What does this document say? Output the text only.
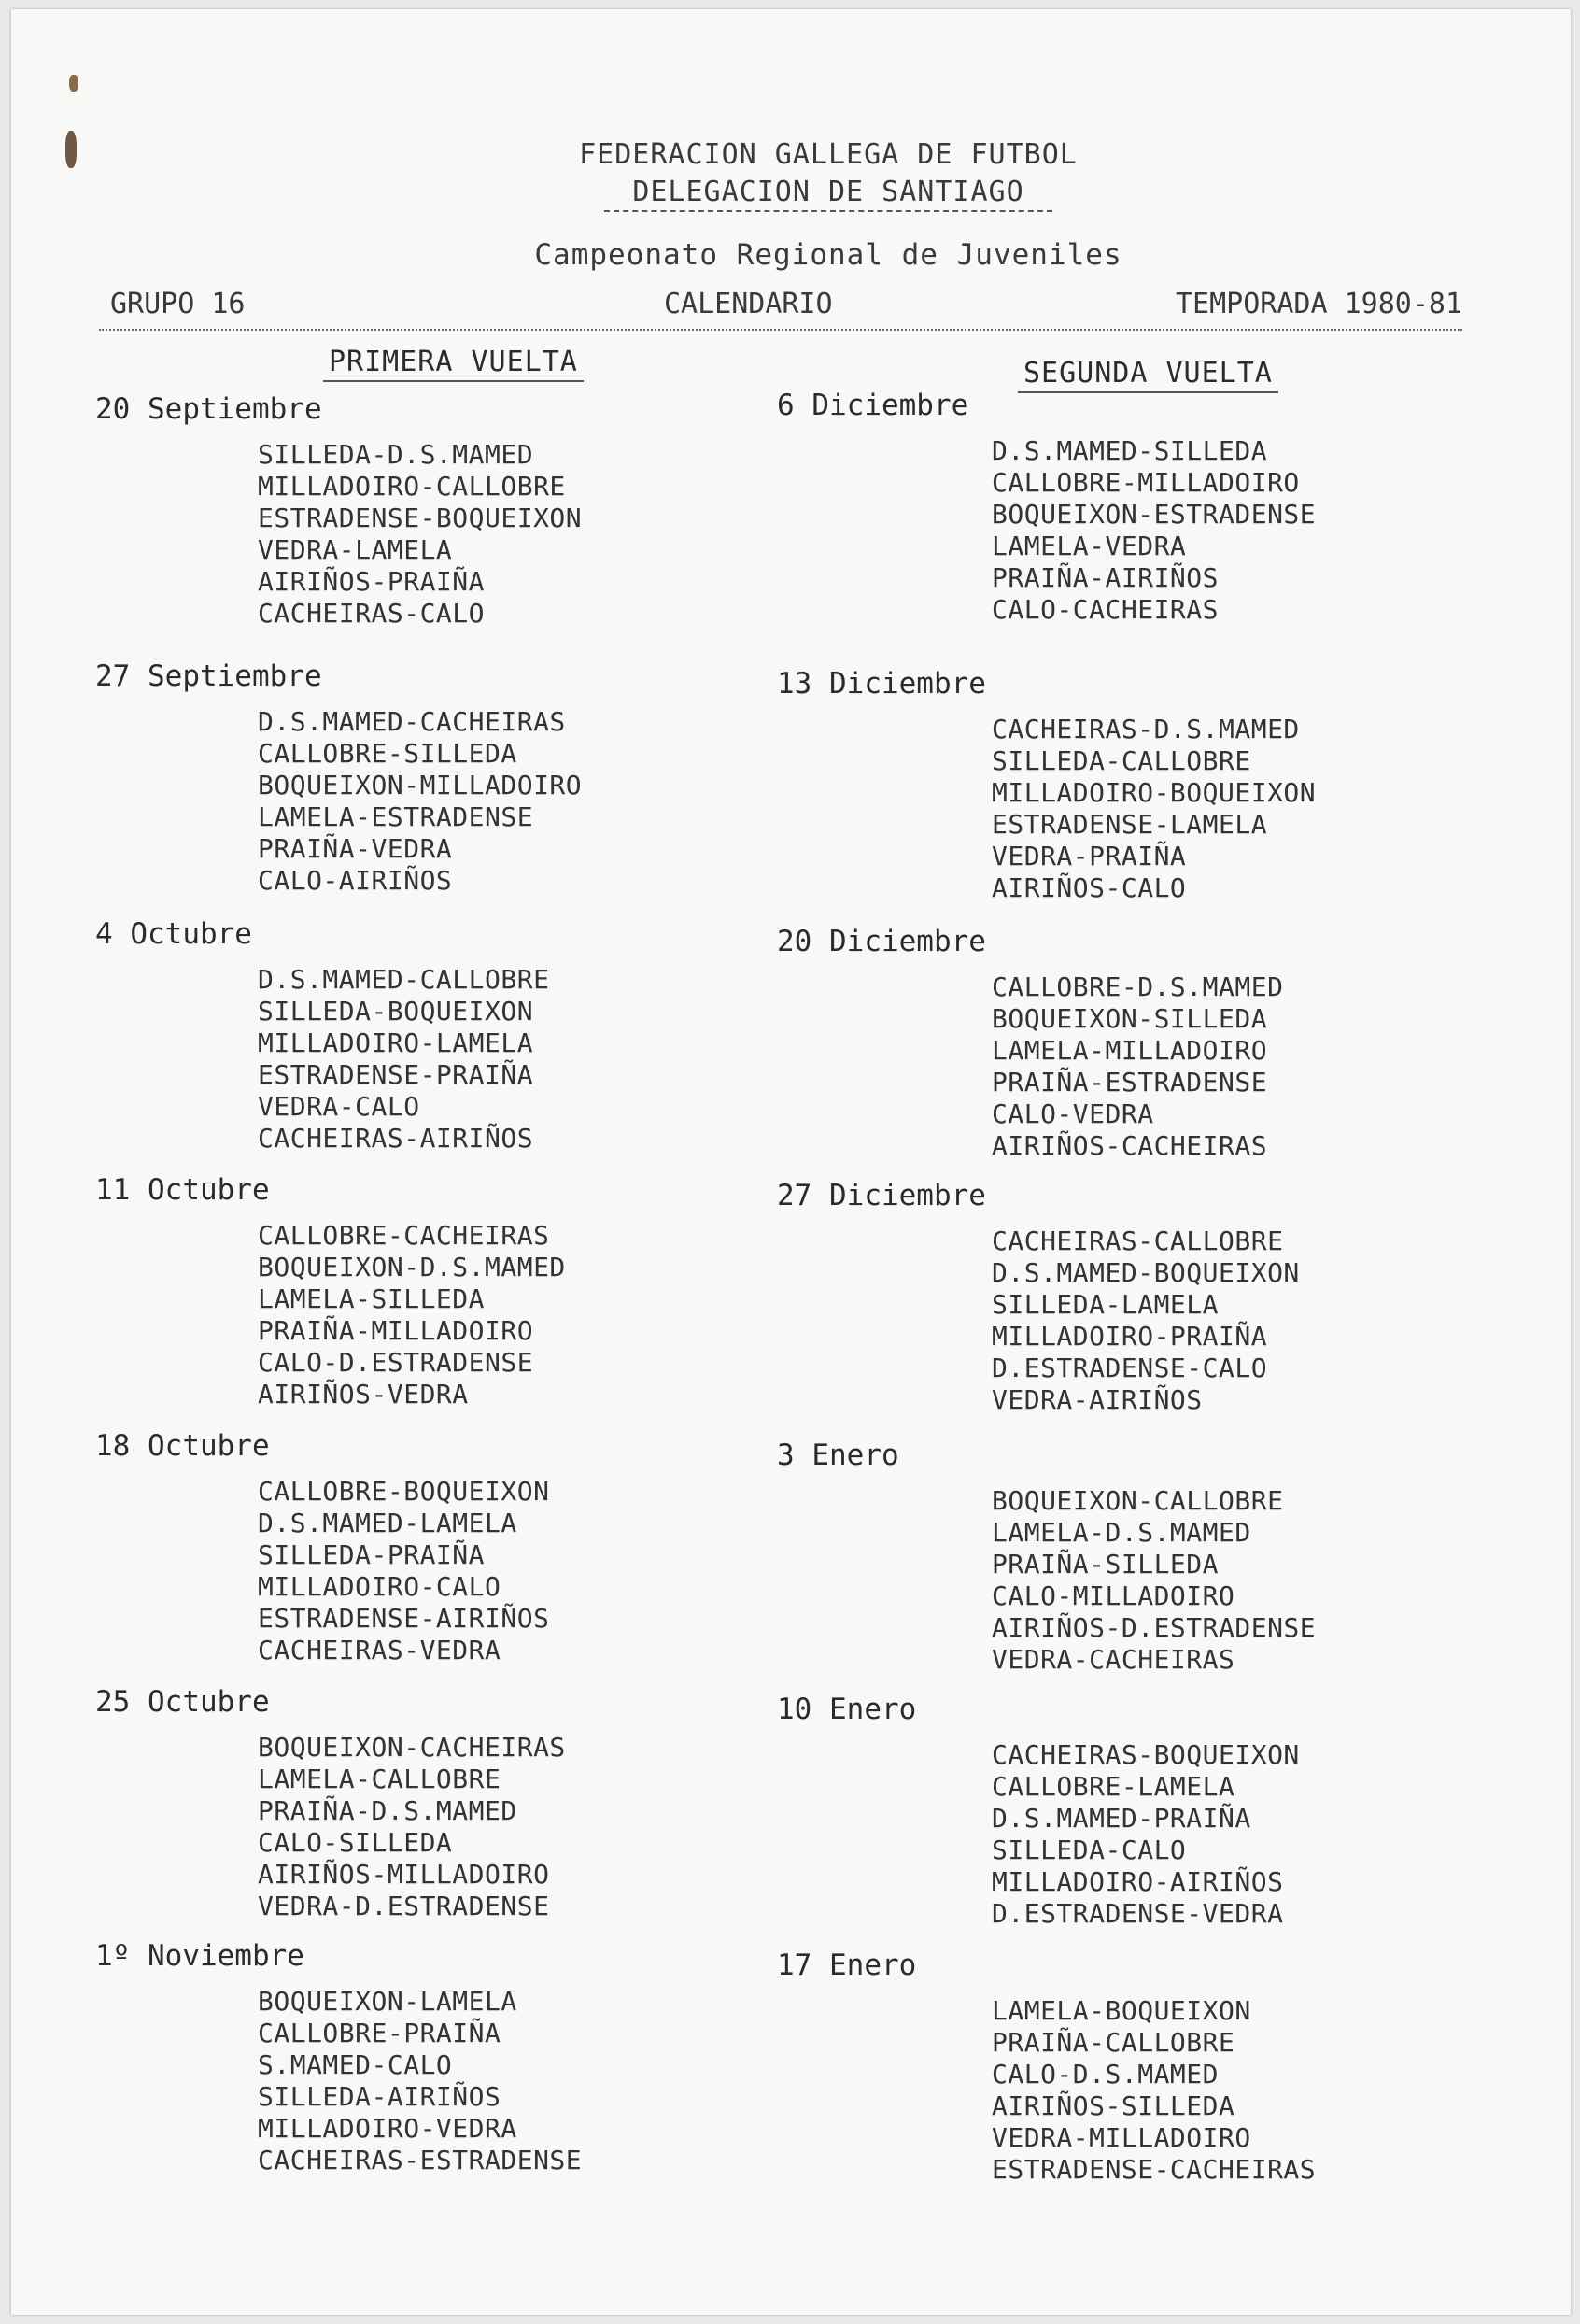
FEDERACION GALLEGA DE FUTBOL
DELEGACION DE SANTIAGO
Campeonato Regional de Juveniles
GRUPO 16	CALENDARIO	TEMPORADA 1980-81
PRIMERA VUELTA
20 Septiembre
SILLEDA-D.S.MAMED
MILLADOIRO-CALLOBRE
ESTRADENSE-BOQUEIXON
VEDRA-LAMELA
AIRIÑOS-PRAIÑA
CACHEIRAS-CALO
27 Septiembre
D.S.MAMED-CACHEIRAS
CALLOBRE-SILLEDA
BOQUEIXON-MILLADOIRO
LAMELA-ESTRADENSE
PRAIÑA-VEDRA
CALO-AIRIÑOS
4 Octubre
D.S.MAMED-CALLOBRE
SILLEDA-BOQUEIXON
MILLADOIRO-LAMELA
ESTRADENSE-PRAIÑA
VEDRA-CALO
CACHEIRAS-AIRIÑOS
11 Octubre
CALLOBRE-CACHEIRAS
BOQUEIXON-D.S.MAMED
LAMELA-SILLEDA
PRAIÑA-MILLADOIRO
CALO-D.ESTRADENSE
AIRIÑOS-VEDRA
18 Octubre
CALLOBRE-BOQUEIXON
D.S.MAMED-LAMELA
SILLEDA-PRAIÑA
MILLADOIRO-CALO
ESTRADENSE-AIRIÑOS
CACHEIRAS-VEDRA
25 Octubre
BOQUEIXON-CACHEIRAS
LAMELA-CALLOBRE
PRAIÑA-D.S.MAMED
CALO-SILLEDA
AIRIÑOS-MILLADOIRO
VEDRA-D.ESTRADENSE
1º Noviembre
BOQUEIXON-LAMELA
CALLOBRE-PRAIÑA
S.MAMED-CALO
SILLEDA-AIRIÑOS
MILLADOIRO-VEDRA
CACHEIRAS-ESTRADENSE
SEGUNDA VUELTA
6 Diciembre
D.S.MAMED-SILLEDA
CALLOBRE-MILLADOIRO
BOQUEIXON-ESTRADENSE
LAMELA-VEDRA
PRAIÑA-AIRIÑOS
CALO-CACHEIRAS
13 Diciembre
CACHEIRAS-D.S.MAMED
SILLEDA-CALLOBRE
MILLADOIRO-BOQUEIXON
ESTRADENSE-LAMELA
VEDRA-PRAIÑA
AIRIÑOS-CALO
20 Diciembre
CALLOBRE-D.S.MAMED
BOQUEIXON-SILLEDA
LAMELA-MILLADOIRO
PRAIÑA-ESTRADENSE
CALO-VEDRA
AIRIÑOS-CACHEIRAS
27 Diciembre
CACHEIRAS-CALLOBRE
D.S.MAMED-BOQUEIXON
SILLEDA-LAMELA
MILLADOIRO-PRAIÑA
D.ESTRADENSE-CALO
VEDRA-AIRIÑOS
3 Enero
BOQUEIXON-CALLOBRE
LAMELA-D.S.MAMED
PRAIÑA-SILLEDA
CALO-MILLADOIRO
AIRIÑOS-D.ESTRADENSE
VEDRA-CACHEIRAS
10 Enero
CACHEIRAS-BOQUEIXON
CALLOBRE-LAMELA
D.S.MAMED-PRAIÑA
SILLEDA-CALO
MILLADOIRO-AIRIÑOS
D.ESTRADENSE-VEDRA
17 Enero
LAMELA-BOQUEIXON
PRAIÑA-CALLOBRE
CALO-D.S.MAMED
AIRIÑOS-SILLEDA
VEDRA-MILLADOIRO
ESTRADENSE-CACHEIRAS
